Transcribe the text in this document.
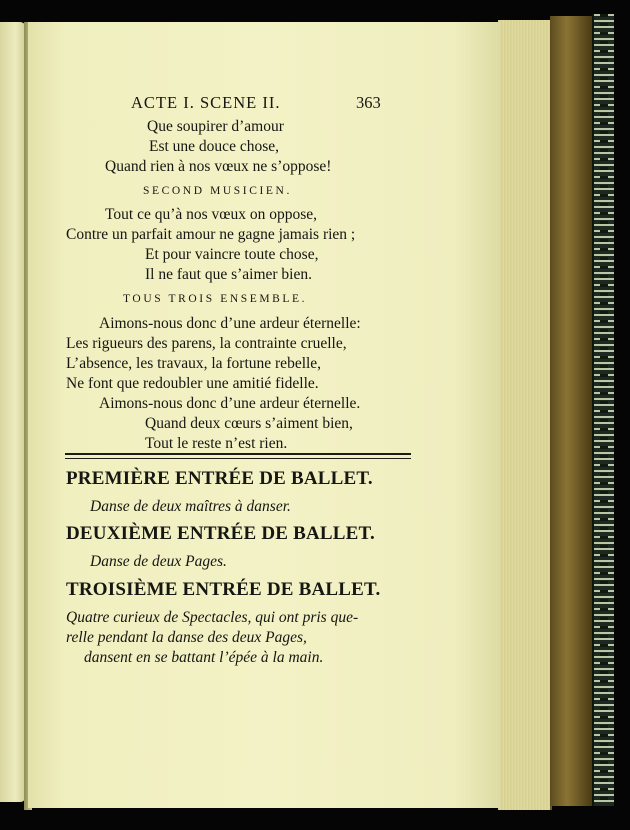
ACTE I. SCENE II.	363
Que soupirer d’amour
Est une douce chose,
Quand rien à nos vœux ne s’oppose!
SECOND MUSICIEN.
Tout ce qu’à nos vœux on oppose,
Contre un parfait amour ne gagne jamais rien ;
Et pour vaincre toute chose,
Il ne faut que s’aimer bien.
TOUS TROIS ENSEMBLE.
Aimons-nous donc d’une ardeur éternelle:
Les rigueurs des parens, la contrainte cruelle,
L’absence, les travaux, la fortune rebelle,
Ne font que redoubler une amitié fidelle.
Aimons-nous donc d’une ardeur éternelle.
Quand deux cœurs s’aiment bien,
Tout le reste n’est rien.
PREMIÈRE ENTRÉE DE BALLET.
Danse de deux maîtres à danser.
DEUXIÈME ENTRÉE DE BALLET.
Danse de deux Pages.
TROISIÈME ENTRÉE DE BALLET.
Quatre curieux de Spectacles, qui ont pris que-
relle pendant la danse des deux Pages,
dansent en se battant l’épée à la main.
